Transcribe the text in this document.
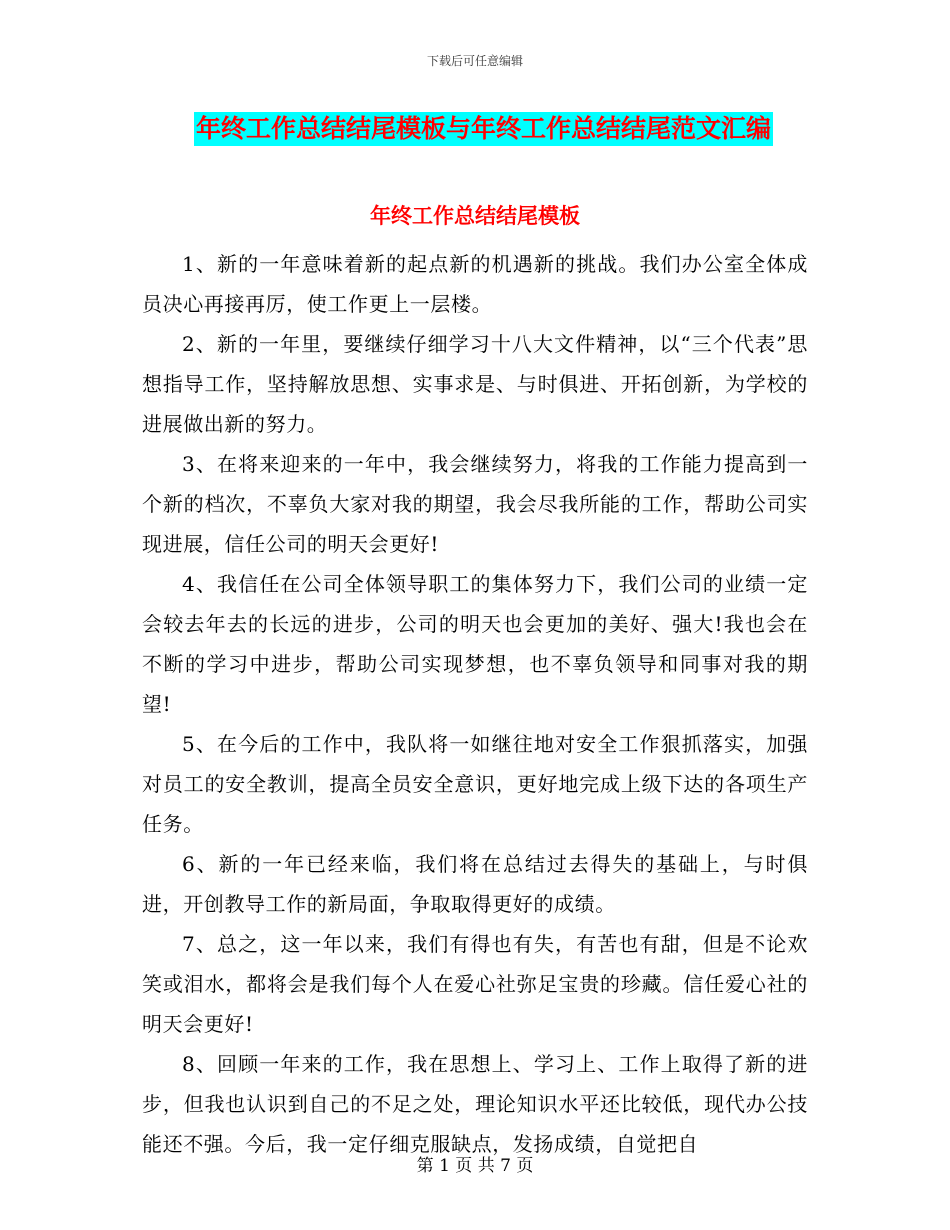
下载后可任意编辑
年终工作总结结尾模板与年终工作总结结尾范文汇编
年终工作总结结尾模板

1、新的一年意味着新的起点新的机遇新的挑战。我们办公室全体成员决心再接再厉，使工作更上一层楼。

2、新的一年里，要继续仔细学习十八大文件精神，以“三个代表”思想指导工作，坚持解放思想、实事求是、与时俱进、开拓创新，为学校的进展做出新的努力。

3、在将来迎来的一年中，我会继续努力，将我的工作能力提高到一个新的档次，不辜负大家对我的期望，我会尽我所能的工作，帮助公司实现进展，信任公司的明天会更好!

4、我信任在公司全体领导职工的集体努力下，我们公司的业绩一定会较去年去的长远的进步，公司的明天也会更加的美好、强大!我也会在不断的学习中进步，帮助公司实现梦想，也不辜负领导和同事对我的期望!

5、在今后的工作中，我队将一如继往地对安全工作狠抓落实，加强对员工的安全教训，提高全员安全意识，更好地完成上级下达的各项生产任务。

6、新的一年已经来临，我们将在总结过去得失的基础上，与时俱进，开创教导工作的新局面，争取取得更好的成绩。

7、总之，这一年以来，我们有得也有失，有苦也有甜，但是不论欢笑或泪水，都将会是我们每个人在爱心社弥足宝贵的珍藏。信任爱心社的明天会更好!

8、回顾一年来的工作，我在思想上、学习上、工作上取得了新的进步，但我也认识到自己的不足之处，理论知识水平还比较低，现代办公技能还不强。今后，我一定仔细克服缺点，发扬成绩，自觉把自

第 1 页 共 7 页
